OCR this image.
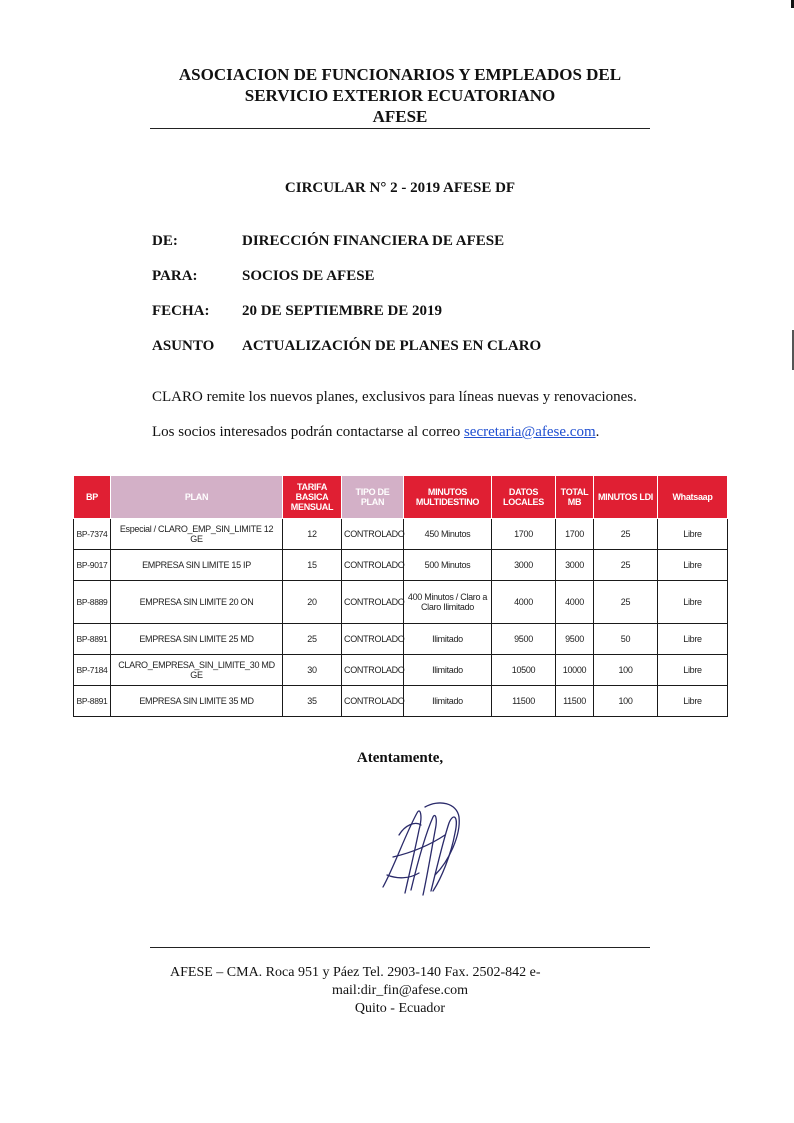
ASOCIACION DE FUNCIONARIOS Y EMPLEADOS DEL
SERVICIO EXTERIOR ECUATORIANO
AFESE
CIRCULAR N° 2 - 2019 AFESE DF
DE:	DIRECCIÓN FINANCIERA DE AFESE
PARA:	SOCIOS DE AFESE
FECHA: 20 DE SEPTIEMBRE DE 2019
ASUNTO ACTUALIZACIÓN DE PLANES EN CLARO
CLARO remite los nuevos planes, exclusivos para líneas nuevas y renovaciones.
Los socios interesados podrán contactarse al correo secretaria@afese.com.
BP	PLAN	TARIFA BASICA MENSUAL	TIPO DE PLAN	MINUTOS MULTIDESTINO	DATOS LOCALES	TOTAL MB	MINUTOS LDI	Whatsaap
BP-7374	Especial / CLARO_EMP_SIN_LIMITE 12 GE	12	CONTROLADO	450 Minutos	1700	1700	25	Libre
BP-9017	EMPRESA SIN LIMITE 15 IP	15	CONTROLADO	500 Minutos	3000	3000	25	Libre
BP-8889	EMPRESA SIN LIMITE 20 ON	20	CONTROLADO	400 Minutos / Claro a Claro Ilimitado	4000	4000	25	Libre
BP-8891	EMPRESA SIN LIMITE 25 MD	25	CONTROLADO	Ilimitado	9500	9500	50	Libre
BP-7184	CLARO_EMPRESA_SIN_LIMITE_30 MD GE	30	CONTROLADO	Ilimitado	10500	10000	100	Libre
BP-8891	EMPRESA SIN LIMITE 35 MD	35	CONTROLADO	Ilimitado	11500	11500	100	Libre
Atentamente,
AFESE – CMA. Roca 951 y Páez Tel. 2903-140 Fax. 2502-842 e-
mail:dir_fin@afese.com
Quito - Ecuador
